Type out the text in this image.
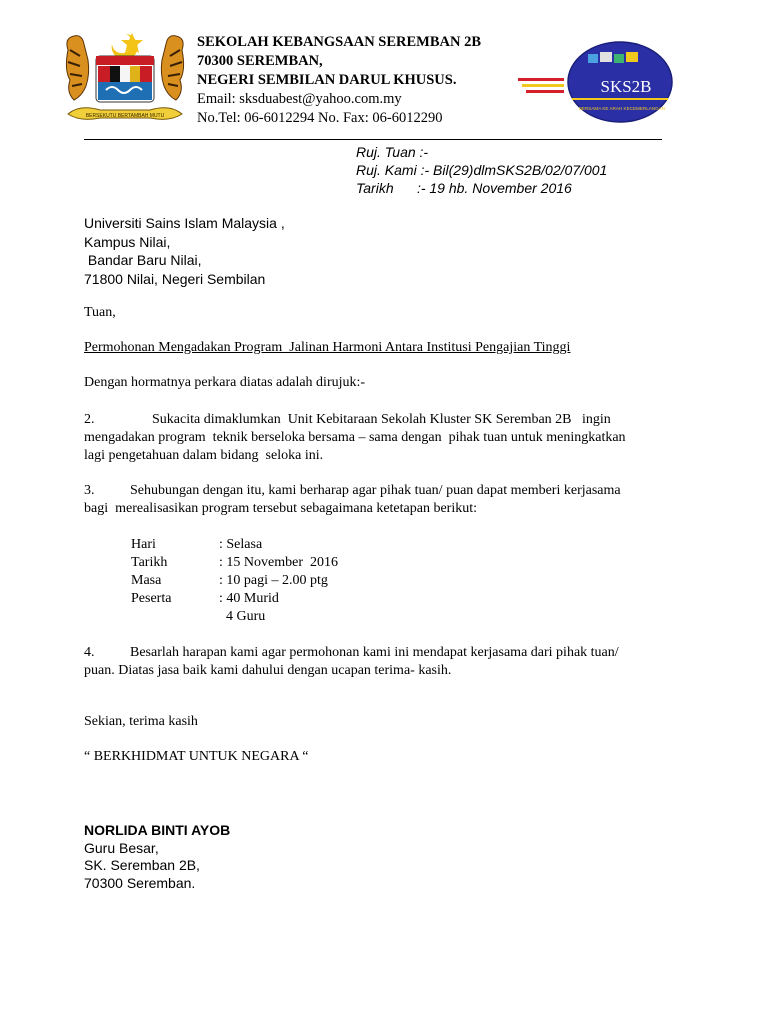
BERSEKUTU BERTAMBAH MUTU
SEKOLAH KEBANGSAAN SEREMBAN 2B
70300 SEREMBAN,
NEGERI SEMBILAN DARUL KHUSUS.
Email: sksduabest@yahoo.com.my
No.Tel: 06-6012294 No. Fax: 06-6012290
SKS2B
BERSAMA KE ARAH KECEMERLANGAN
Ruj. Tuan :-
Ruj. Kami :- Bil(29)dlmSKS2B/02/07/001
Tarikh      :- 19 hb. November 2016
Universiti Sains Islam Malaysia ,
Kampus Nilai,
Bandar Baru Nilai,
71800 Nilai, Negeri Sembilan
Tuan,
Permohonan Mengadakan Program  Jalinan Harmoni Antara Institusi Pengajian Tinggi
Dengan hormatnya perkara diatas adalah dirujuk:-
2.	Sukacita dimaklumkan  Unit Kebitaraan Sekolah Kluster SK Seremban 2B   ingin
mengadakan program  teknik berseloka bersama – sama dengan  pihak tuan untuk meningkatkan
lagi pengetahuan dalam bidang  seloka ini.
3.	Sehubungan dengan itu, kami berharap agar pihak tuan/ puan dapat memberi kerjasama
bagi  merealisasikan program tersebut sebagaimana ketetapan berikut:
Hari	: Selasa
Tarikh	: 15 November  2016
Masa	: 10 pagi – 2.00 ptg
Peserta	: 40 Murid
4 Guru
4.	Besarlah harapan kami agar permohonan kami ini mendapat kerjasama dari pihak tuan/
puan. Diatas jasa baik kami dahului dengan ucapan terima- kasih.
Sekian, terima kasih
“ BERKHIDMAT UNTUK NEGARA “
NORLIDA BINTI AYOB
Guru Besar,
SK. Seremban 2B,
70300 Seremban.
